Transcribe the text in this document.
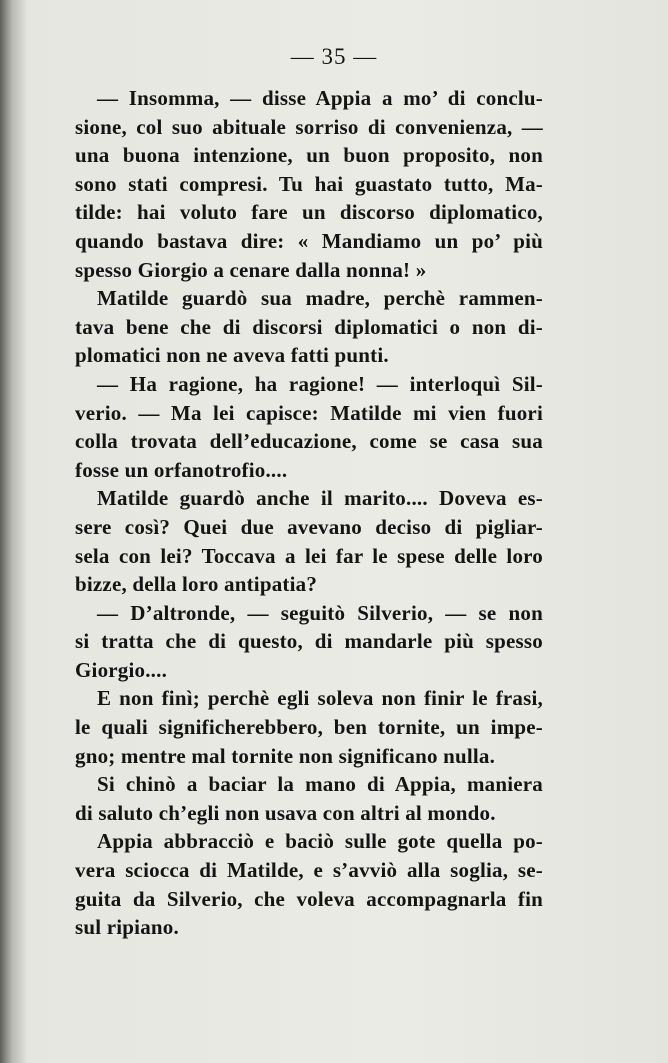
— 35 —
— Insomma, — disse Appia a mo’ di conclu-
sione, col suo abituale sorriso di convenienza, —
una buona intenzione, un buon proposito, non
sono stati compresi. Tu hai guastato tutto, Ma-
tilde: hai voluto fare un discorso diplomatico,
quando bastava dire: « Mandiamo un po’ più
spesso Giorgio a cenare dalla nonna! »
Matilde guardò sua madre, perchè rammen-
tava bene che di discorsi diplomatici o non di-
plomatici non ne aveva fatti punti.
— Ha ragione, ha ragione! — interloquì Sil-
verio. — Ma lei capisce: Matilde mi vien fuori
colla trovata dell’educazione, come se casa sua
fosse un orfanotrofio....
Matilde guardò anche il marito.... Doveva es-
sere così? Quei due avevano deciso di pigliar-
sela con lei? Toccava a lei far le spese delle loro
bizze, della loro antipatia?
— D’altronde, — seguitò Silverio, — se non
si tratta che di questo, di mandarle più spesso
Giorgio....
E non finì; perchè egli soleva non finir le frasi,
le quali significherebbero, ben tornite, un impe-
gno; mentre mal tornite non significano nulla.
Si chinò a baciar la mano di Appia, maniera
di saluto ch’egli non usava con altri al mondo.
Appia abbracciò e baciò sulle gote quella po-
vera sciocca di Matilde, e s’avviò alla soglia, se-
guita da Silverio, che voleva accompagnarla fin
sul ripiano.
